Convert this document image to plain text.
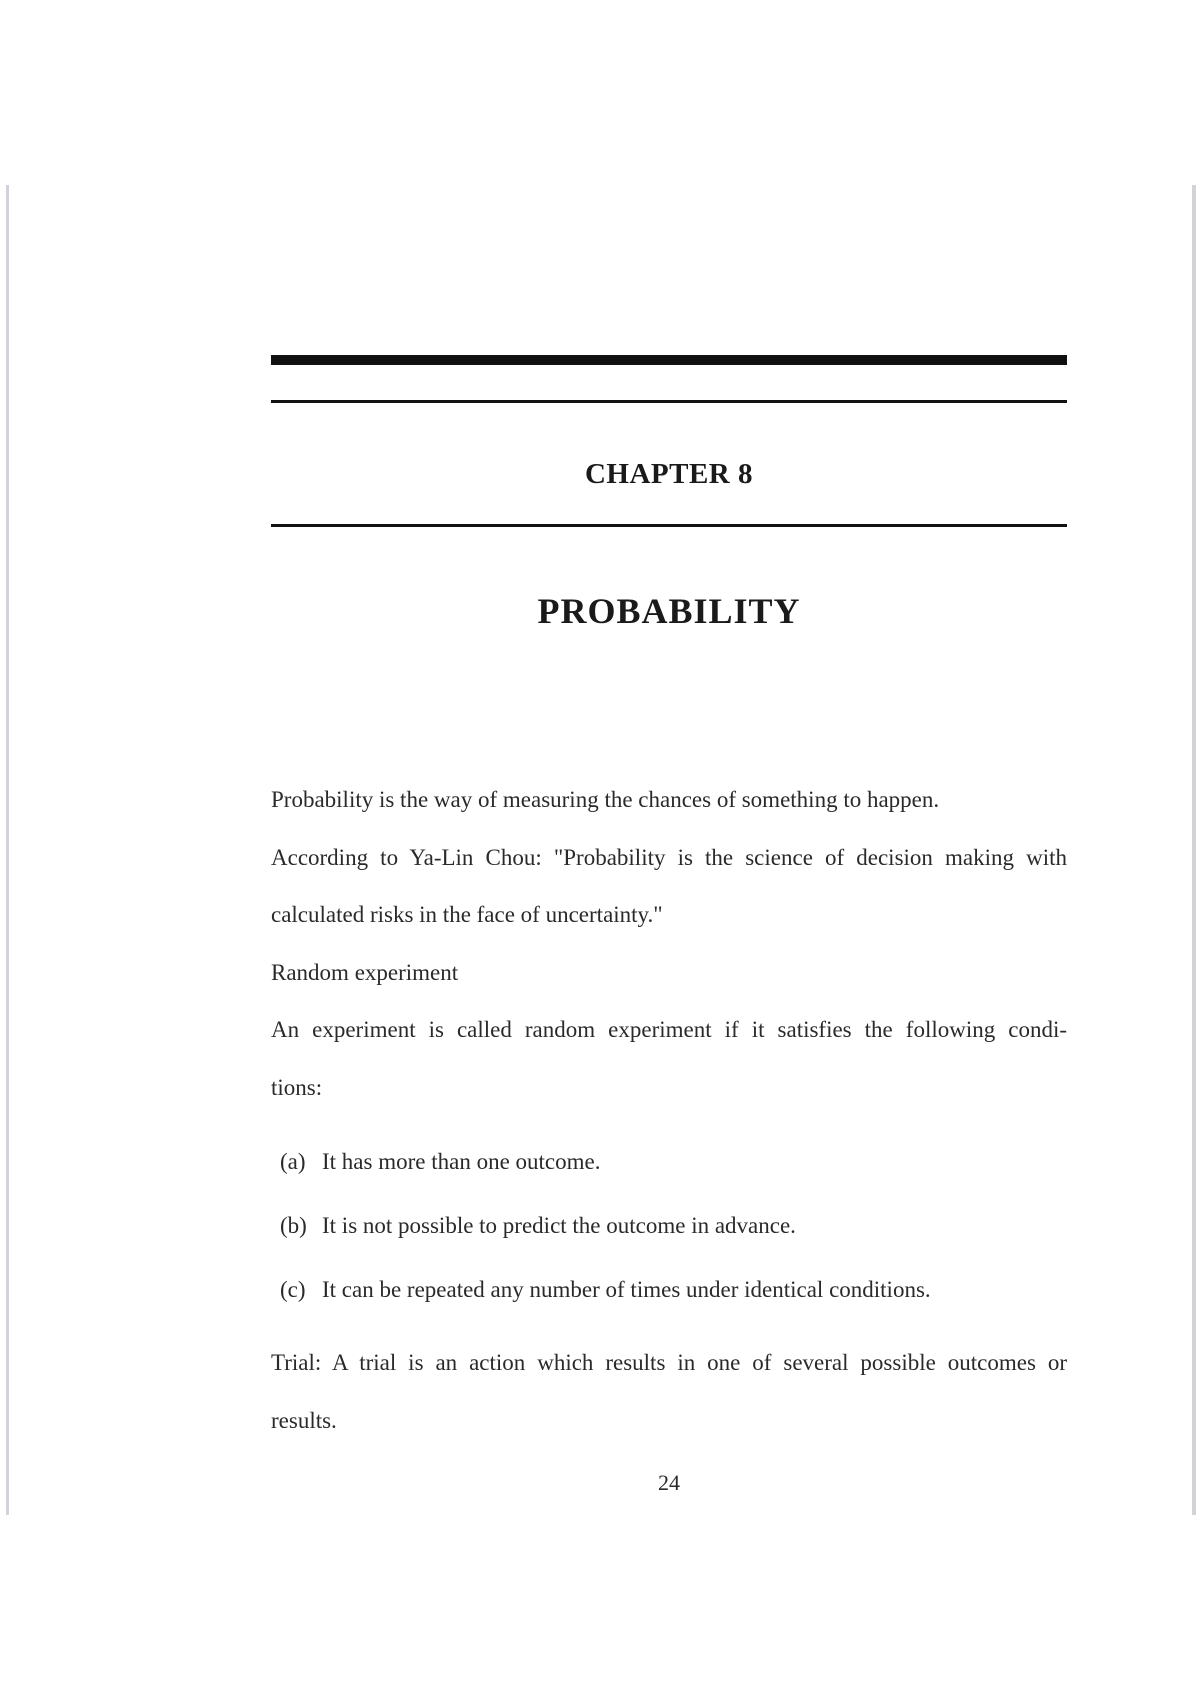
CHAPTER 8
PROBABILITY
Probability is the way of measuring the chances of something to happen.
According to Ya-Lin Chou: "Probability is the science of decision making with
calculated risks in the face of uncertainty."
Random experiment
An experiment is called random experiment if it satisfies the following condi-
tions:
(a) It has more than one outcome.
(b) It is not possible to predict the outcome in advance.
(c) It can be repeated any number of times under identical conditions.
Trial: A trial is an action which results in one of several possible outcomes or
results.
24
